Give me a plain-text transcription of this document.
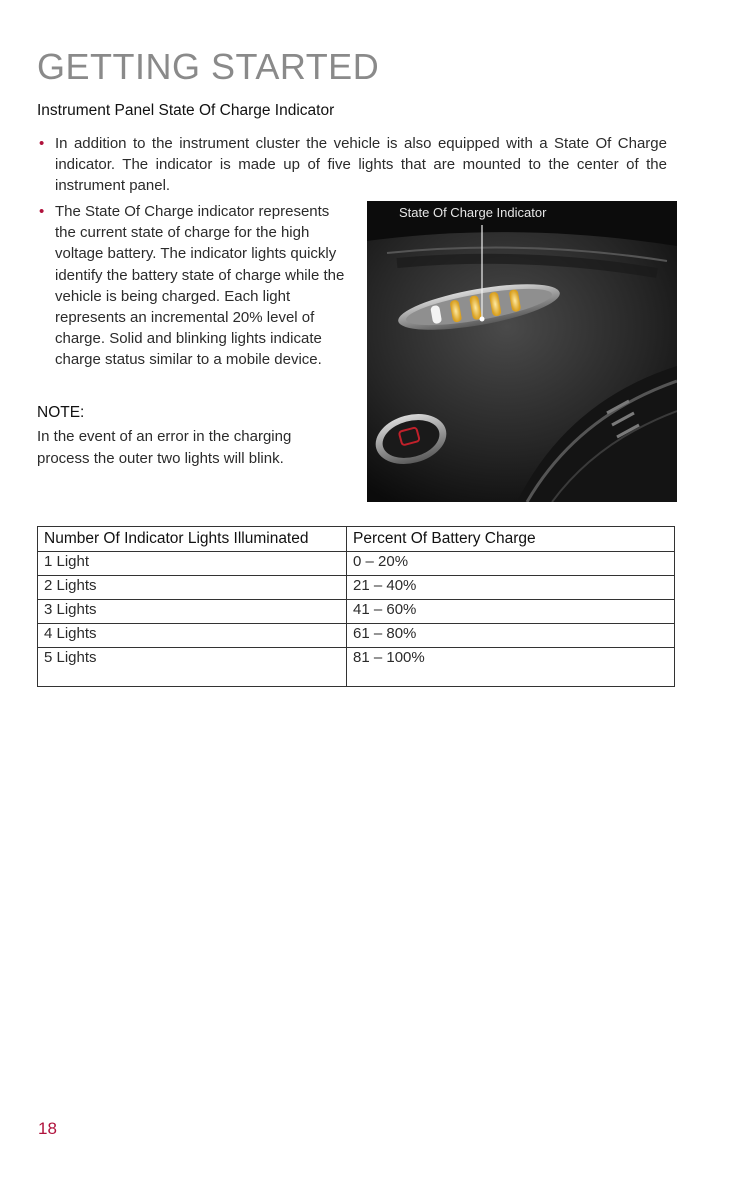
GETTING STARTED
Instrument Panel State Of Charge Indicator
• In addition to the instrument cluster the vehicle is also equipped with a State Of Charge indicator. The indicator is made up of five lights that are mounted to the center of the instrument panel.
• The State Of Charge indicator represents the current state of charge for the high voltage battery. The indicator lights quickly identify the battery state of charge while the vehicle is being charged. Each light represents an incremental 20% level of charge. Solid and blinking lights indicate charge status similar to a mobile device.
NOTE:
In the event of an error in the charging process the outer two lights will blink.
State Of Charge Indicator
Number Of Indicator Lights Illuminated	Percent Of Battery Charge
1 Light	0 – 20%
2 Lights	21 – 40%
3 Lights	41 – 60%
4 Lights	61 – 80%
5 Lights	81 – 100%
18
